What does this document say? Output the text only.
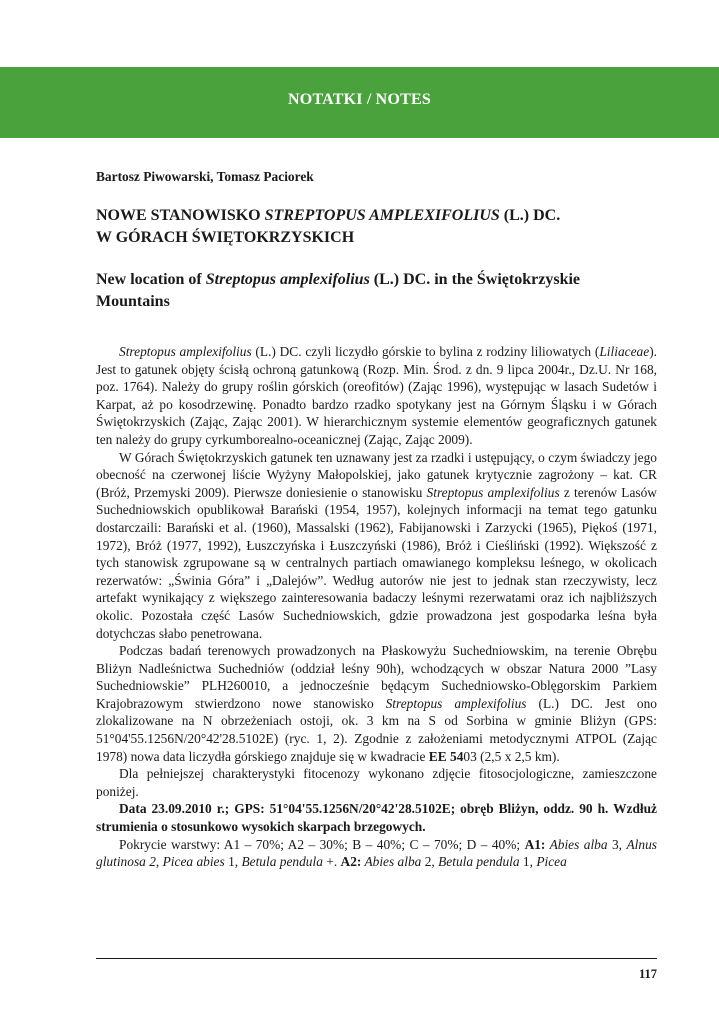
NOTATKI / NOTES
Bartosz Piwowarski, Tomasz Paciorek
NOWE STANOWISKO STREPTOPUS AMPLEXIFOLIUS (L.) DC.
W GÓRACH ŚWIĘTOKRZYSKICH
New location of Streptopus amplexifolius (L.) DC. in the Świętokrzyskie Mountains

Streptopus amplexifolius (L.) DC. czyli liczydło górskie to bylina z rodziny liliowatych (Liliaceae). Jest to gatunek objęty ścisłą ochroną gatunkową (Rozp. Min. Środ. z dn. 9 lipca 2004r., Dz.U. Nr 168, poz. 1764). Należy do grupy roślin górskich (oreofitów) (Zając 1996), występując w lasach Sudetów i Karpat, aż po kosodrzewinę. Ponadto bardzo rzadko spotykany jest na Górnym Śląsku i w Górach Świętokrzyskich (Zając, Zając 2001). W hierarchicznym systemie elementów geograficznych gatunek ten należy do grupy cyrkumborealno-oceanicznej (Zając, Zając 2009).

W Górach Świętokrzyskich gatunek ten uznawany jest za rzadki i ustępujący, o czym świadczy jego obecność na czerwonej liście Wyżyny Małopolskiej, jako gatunek krytycznie zagrożony – kat. CR (Bróż, Przemyski 2009). Pierwsze doniesienie o stanowisku Streptopus amplexifolius z terenów Lasów Suchedniowskich opublikował Barański (1954, 1957), kolejnych informacji na temat tego gatunku dostarczaili: Barański et al. (1960), Massalski (1962), Fabijanowski i Zarzycki (1965), Piękoś (1971, 1972), Bróż (1977, 1992), Łuszczyńska i Łuszczyński (1986), Bróż i Cieśliński (1992). Większość z tych stanowisk zgrupowane są w centralnych partiach omawianego kompleksu leśnego, w okolicach rezerwatów: „Świnia Góra” i „Dalejów”. Według autorów nie jest to jednak stan rzeczywisty, lecz artefakt wynikający z większego zainteresowania badaczy leśnymi rezerwatami oraz ich najbliższych okolic. Pozostała część Lasów Suchedniowskich, gdzie prowadzona jest gospodarka leśna była dotychczas słabo penetrowana.

Podczas badań terenowych prowadzonych na Płaskowyżu Suchedniowskim, na terenie Obrębu Bliżyn Nadleśnictwa Suchedniów (oddział leśny 90h), wchodzących w obszar Natura 2000 ”Lasy Suchedniowskie” PLH260010, a jednocześnie będącym Suchedniowsko-Oblęgorskim Parkiem Krajobrazowym stwierdzono nowe stanowisko Streptopus amplexifolius (L.) DC. Jest ono zlokalizowane na N obrzeżeniach ostoji, ok. 3 km na S od Sorbina w gminie Bliżyn (GPS: 51°04'55.1256N/20°42'28.5102E) (ryc. 1, 2). Zgodnie z założeniami metodycznymi ATPOL (Zając 1978) nowa data liczydła górskiego znajduje się w kwadracie EE 5403 (2,5 x 2,5 km).

Dla pełniejszej charakterystyki fitocenozy wykonano zdjęcie fitosocjologiczne, zamieszczone poniżej.

Data 23.09.2010 r.; GPS: 51°04'55.1256N/20°42'28.5102E; obręb Bliżyn, oddz. 90 h. Wzdłuż strumienia o stosunkowo wysokich skarpach brzegowych.

Pokrycie warstwy: A1 – 70%; A2 – 30%; B – 40%; C – 70%; D – 40%; A1: Abies alba 3, Alnus glutinosa 2, Picea abies 1, Betula pendula +. A2: Abies alba 2, Betula pendula 1, Picea

117
